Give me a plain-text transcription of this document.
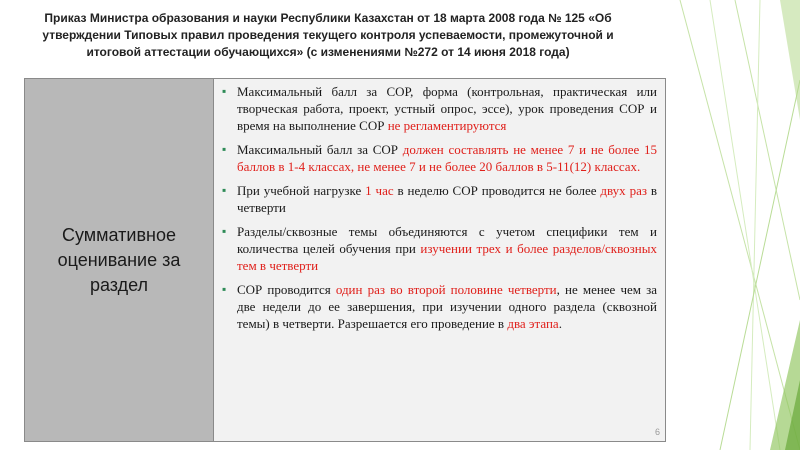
Приказ Министра образования и науки Республики Казахстан от 18 марта 2008 года № 125 «Об утверждении Типовых правил проведения текущего контроля успеваемости, промежуточной и итоговой аттестации обучающихся» (с изменениями №272 от 14 июня 2018 года)
Суммативное оценивание за раздел
▪ Максимальный балл за СОР, форма (контрольная, практическая или творческая работа, проект, устный опрос, эссе), урок проведения СОР и время на выполнение СОР не регламентируются
▪ Максимальный балл за СОР должен составлять не менее 7 и не более 15 баллов в 1-4 классах, не менее 7 и не более 20 баллов в 5-11(12) классах.
▪ При учебной нагрузке 1 час в неделю СОР проводится не более двух раз в четверти
▪ Разделы/сквозные темы объединяются с учетом специфики тем и количества целей обучения при изучении трех и более разделов/сквозных тем в четверти
▪ СОР проводится один раз во второй половине четверти, не менее чем за две недели до ее завершения, при изучении одного раздела (сквозной темы) в четверти. Разрешается его проведение в два этапа.
6
